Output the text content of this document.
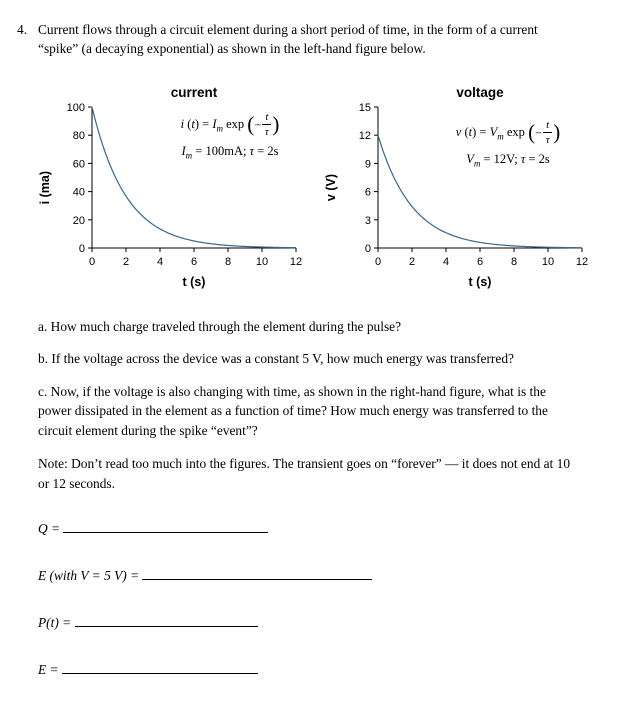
4. Current flows through a circuit element during a short period of time, in the form of a current
“spike” (a decaying exponential) as shown in the left-hand figure below.
current
i (ma)
0
20
40
60
80
100
0	2	4	6	8 10 12
t (s)
i $(t) = I_m$ exp (− $\frac{t}{\tau}$ )
$I_m = 100mA$; τ = 2s
voltage
v (V)
0
3
6
9
12
15
0	2	4	6	8 10 12
t (s)
v $(t) = V_m$ exp (− $\frac{t}{\tau}$ )
$V_m = 12V$; τ = 2s
a. How much charge traveled through the element during the pulse?
b. If the voltage across the device was a constant 5 V, how much energy was transferred?
c. Now, if the voltage is also changing with time, as shown in the right-hand figure, what is the
power dissipated in the element as a function of time? How much energy was transferred to the
circuit element during the spike “event”?
Note: Don’t read too much into the figures. The transient goes on “forever” — it does not end at 10
or 12 seconds.
Q =
E (with V = 5 V) =
P(t) =
E =
